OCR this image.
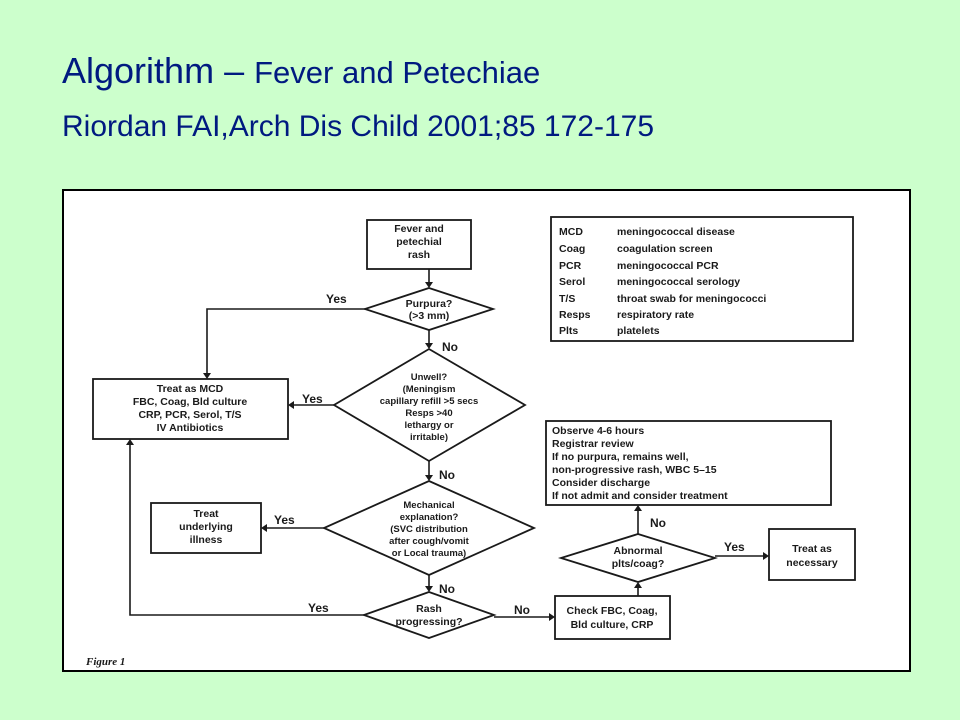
Algorithm – Fever and Petechiae
Riordan FAI,Arch Dis Child 2001;85 172-175
Fever and
petechial
rash
Purpura?
(>3 mm)
Unwell?
(Meningism
capillary refill >5 secs
Resps >40
lethargy or
irritable)
Treat as MCD
FBC, Coag, Bld culture
CRP, PCR, Serol, T/S
IV Antibiotics
Mechanical
explanation?
(SVC distribution
after cough/vomit
or Local trauma)
Treat
underlying
illness
Rash
progressing?
Check FBC, Coag,
Bld culture, CRP
Abnormal
plts/coag?
Treat as
necessary
Observe 4-6 hours
Registrar review
If no purpura, remains well,
non-progressive rash, WBC 5–15
Consider discharge
If not admit and consider treatment
MCD	meningococcal disease
Coag	coagulation screen
PCR	meningococcal PCR
Serol	meningococcal serology
T/S	throat swab for meningococci
Resps	respiratory rate
Plts	platelets
Yes
No
Yes
No
Yes
No
Yes	No
Yes
No
Figure 1
